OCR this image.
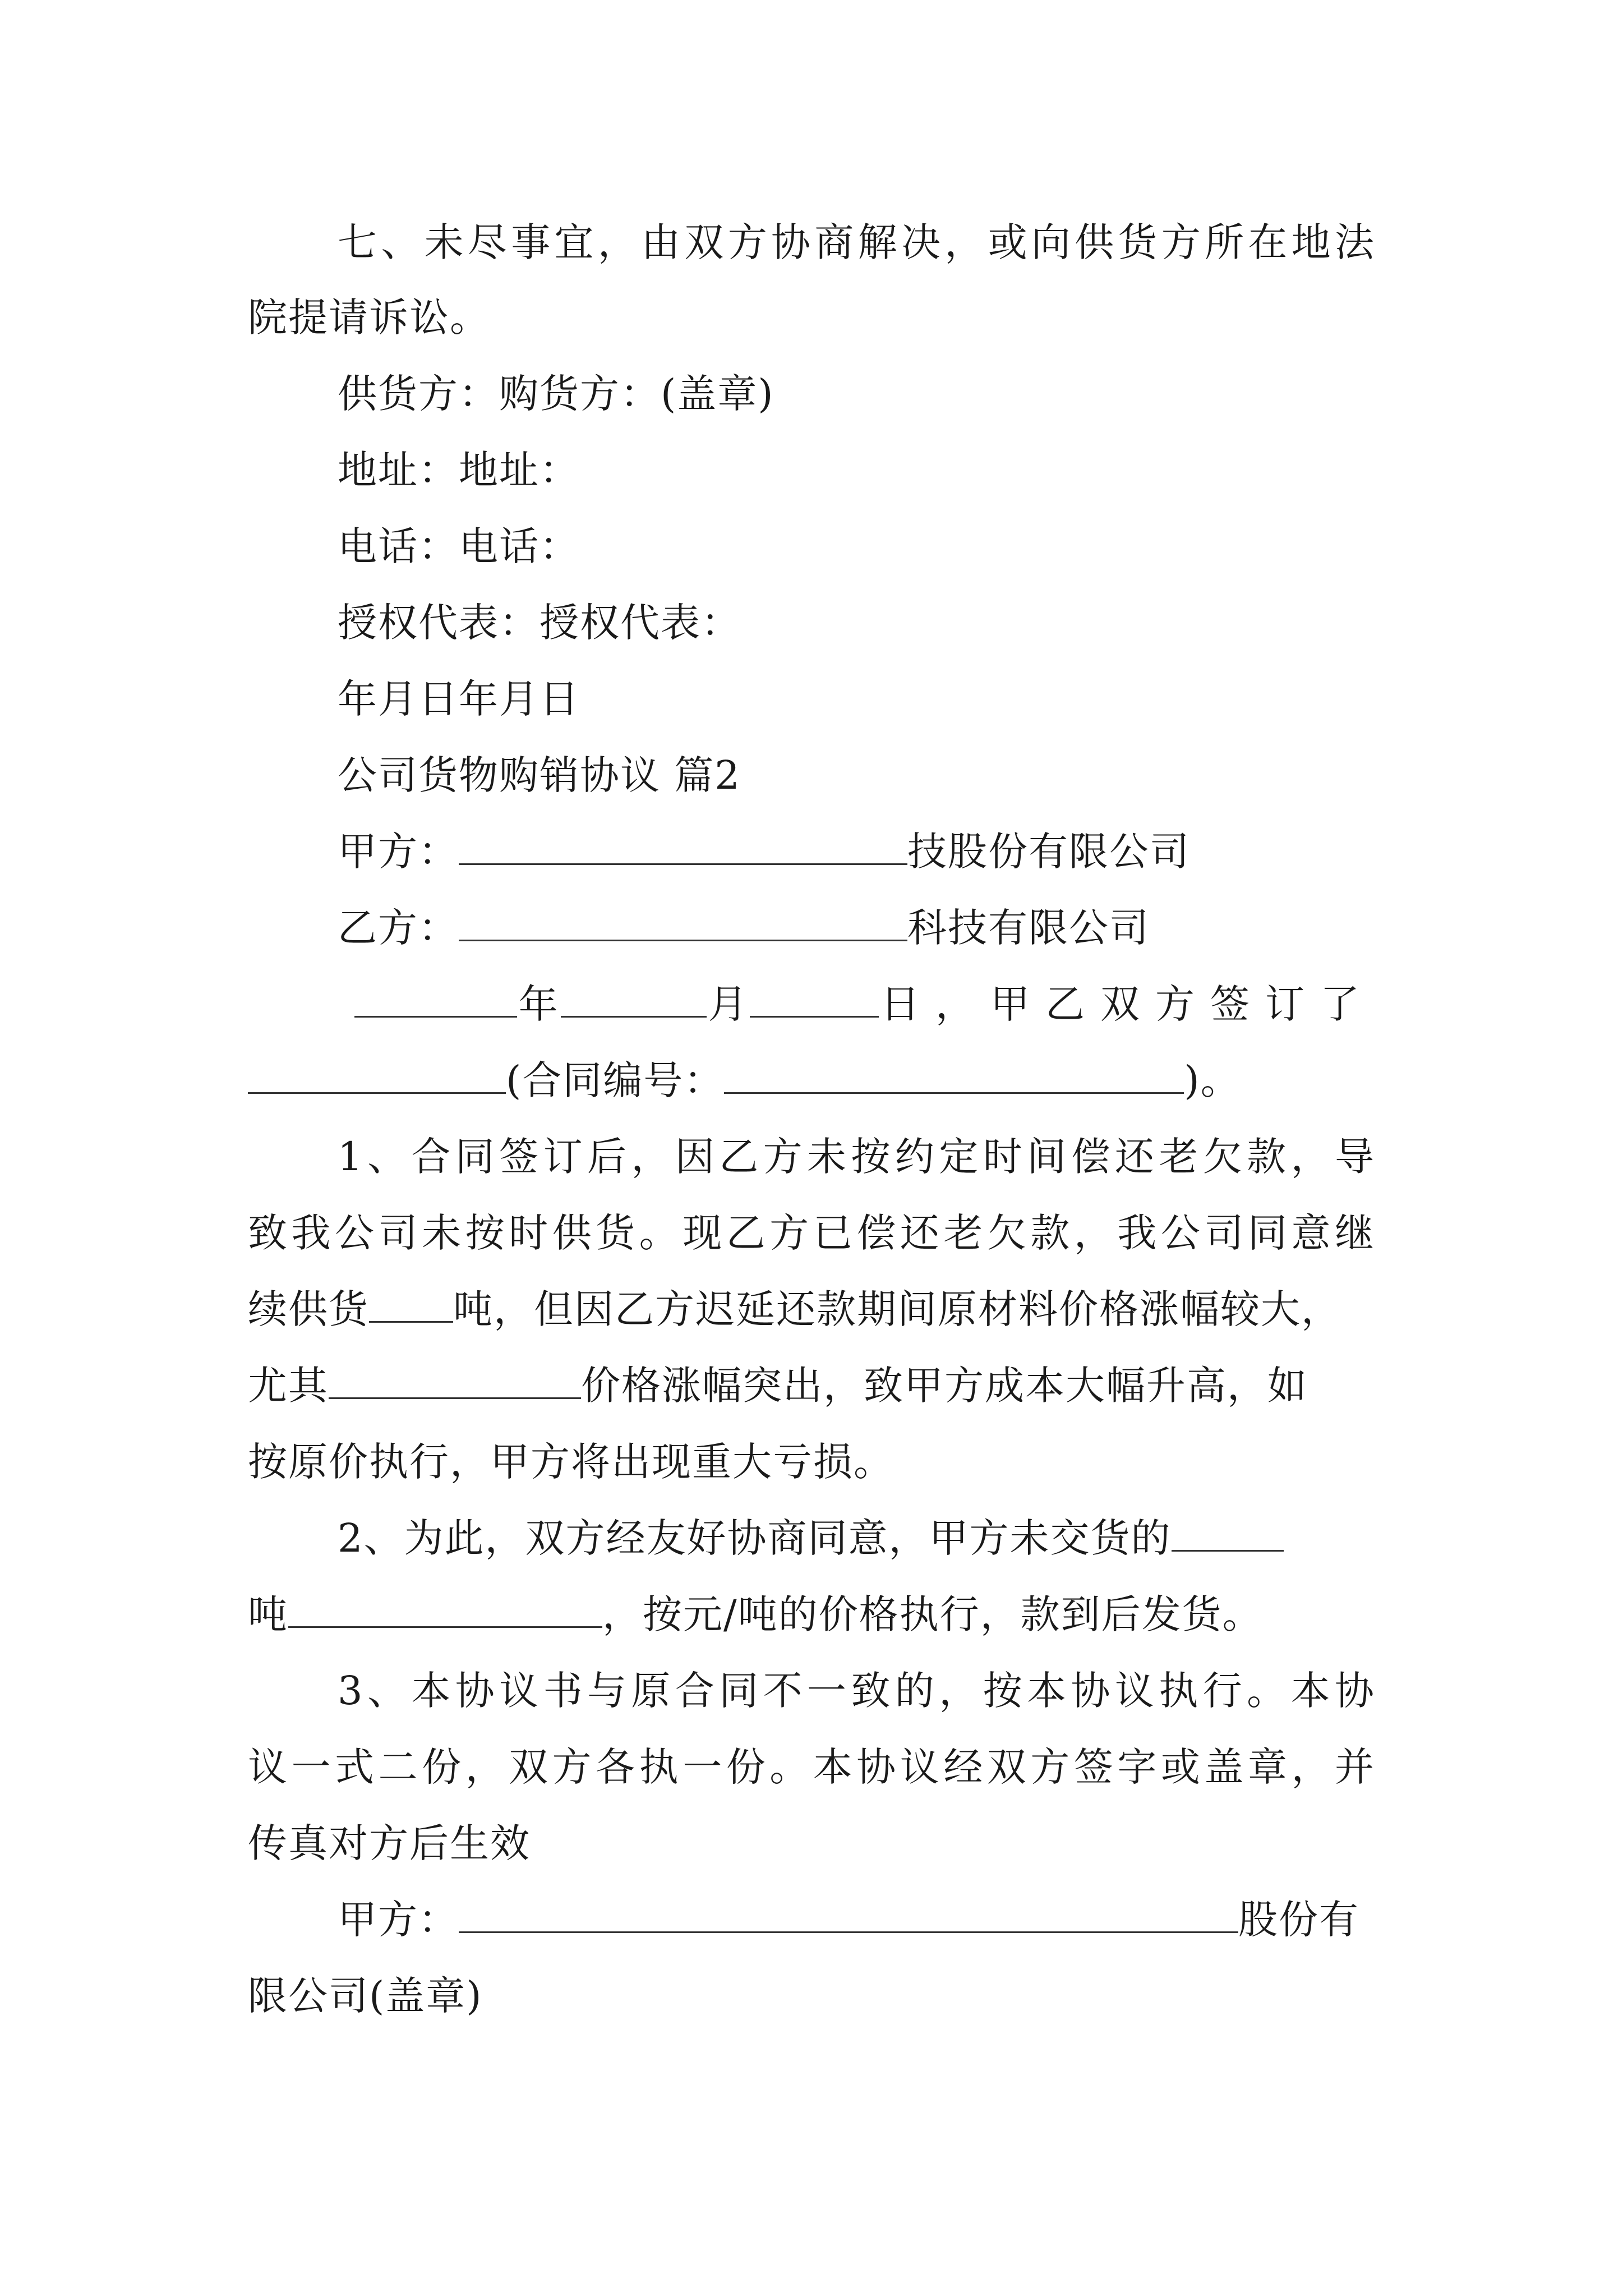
七、未尽事宜，由双方协商解决，或向供货方所在地法
院提请诉讼。
供货方：购货方：(盖章)
地址：地址：
电话：电话：
授权代表：授权代表：
年月日年月日
公司货物购销协议 篇2
甲方：	技股份有限公司
乙方：	科技有限公司
年	月	日，甲乙双方签订了
(合同编号：	)。
1、合同签订后，因乙方未按约定时间偿还老欠款，导
致我公司未按时供货。现乙方已偿还老欠款，我公司同意继
续供货 吨，但因乙方迟延还款期间原材料价格涨幅较大，
尤其	价格涨幅突出，致甲方成本大幅升高，如
按原价执行，甲方将出现重大亏损。
2、为此，双方经友好协商同意，甲方未交货的
吨	，按元/吨的价格执行，款到后发货。
3、本协议书与原合同不一致的，按本协议执行。本协
议一式二份，双方各执一份。本协议经双方签字或盖章，并
传真对方后生效
甲方：	股份有
限公司(盖章)
